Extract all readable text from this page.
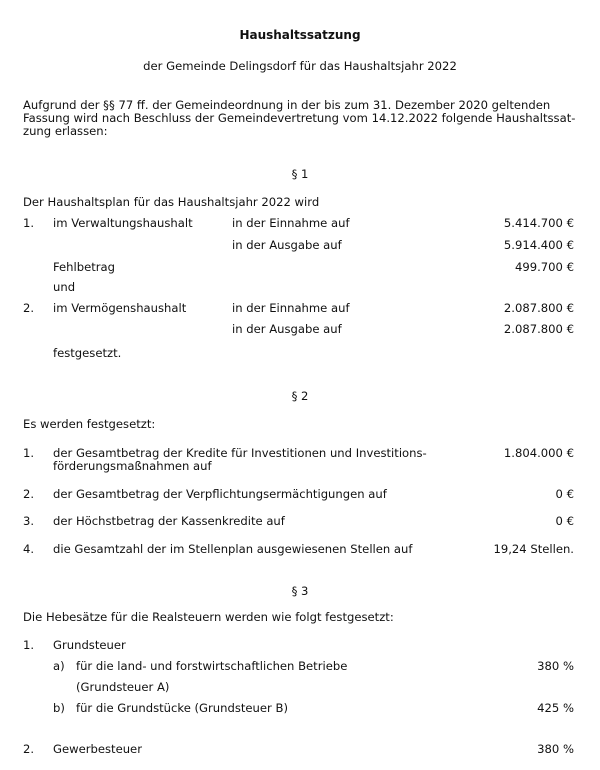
Haushaltssatzung
der Gemeinde Delingsdorf für das Haushaltsjahr 2022
Aufgrund der §§ 77 ff. der Gemeindeordnung in der bis zum 31. Dezember 2020 geltenden
Fassung wird nach Beschluss der Gemeindevertretung vom 14.12.2022 folgende Haushaltssat-
zung erlassen:
§ 1
Der Haushaltsplan für das Haushaltsjahr 2022 wird
1. im Verwaltungshaushalt	in der Einnahme auf	5.414.700 €
in der Ausgabe auf	5.914.400 €
Fehlbetrag	499.700 €
und
2. im Vermögenshaushalt	in der Einnahme auf	2.087.800 €
in der Ausgabe auf	2.087.800 €
festgesetzt.
§ 2
Es werden festgesetzt:
1. der Gesamtbetrag der Kredite für Investitionen und Investitions-
förderungsmaßnahmen auf
1.804.000 €
2. der Gesamtbetrag der Verpflichtungsermächtigungen auf	0 €
3. der Höchstbetrag der Kassenkredite auf	0 €
4. die Gesamtzahl der im Stellenplan ausgewiesenen Stellen auf	19,24 Stellen.
§ 3
Die Hebesätze für die Realsteuern werden wie folgt festgesetzt:
1. Grundsteuer
a) für die land- und forstwirtschaftlichen Betriebe	380 %
(Grundsteuer A)
b) für die Grundstücke (Grundsteuer B)	425 %
2. Gewerbesteuer	380 %
